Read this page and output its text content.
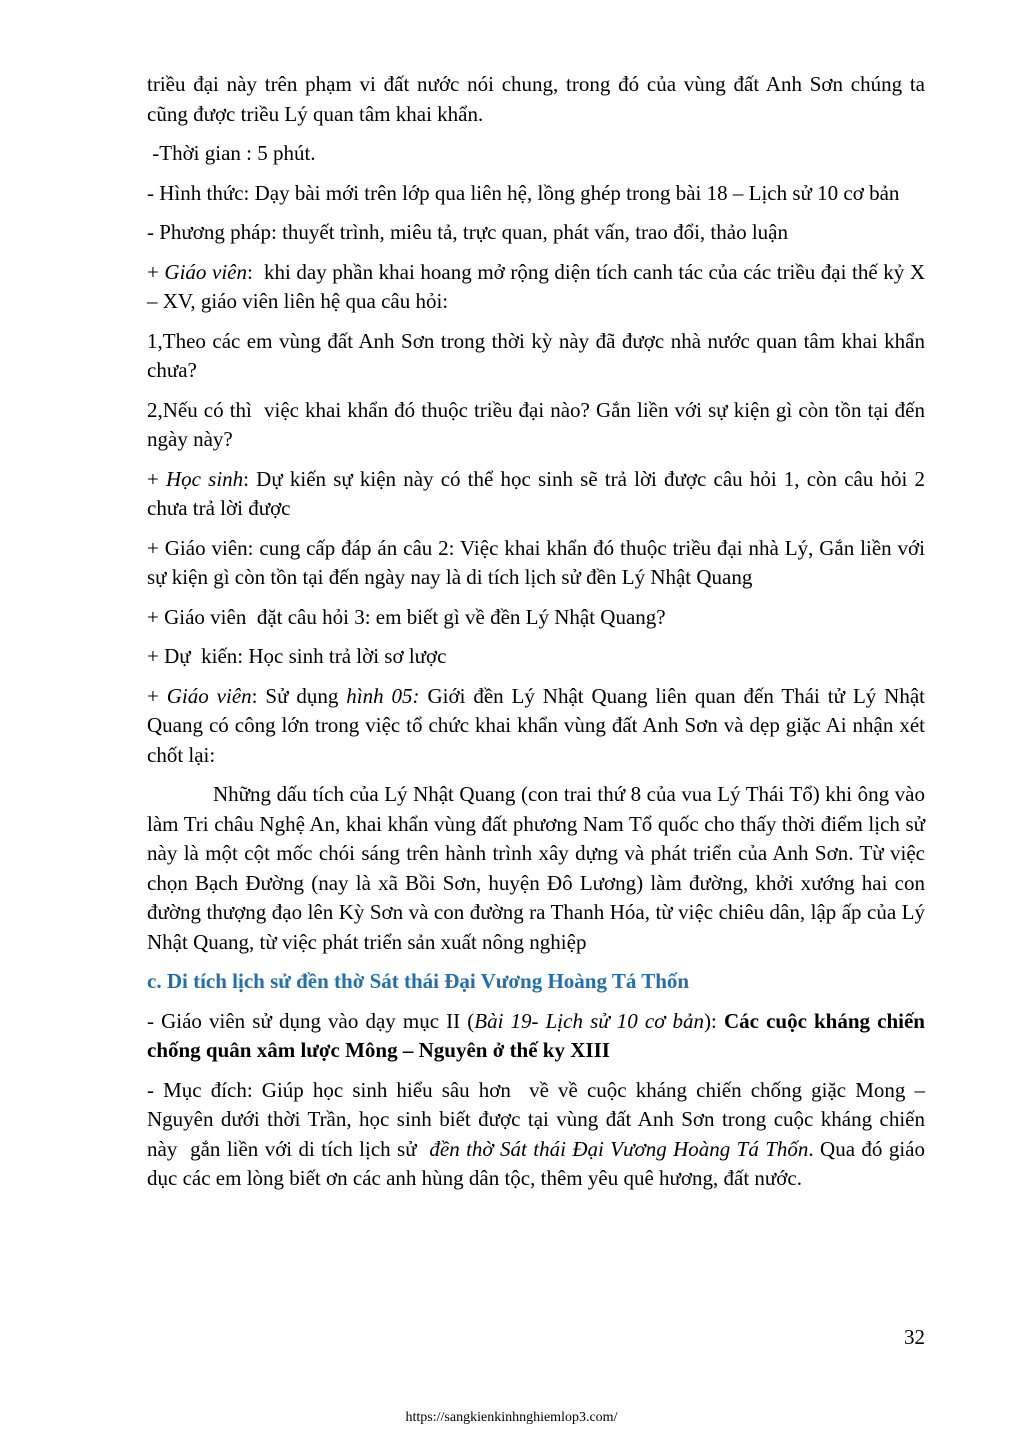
triều đại này trên phạm vi đất nước nói chung, trong đó của vùng đất Anh Sơn chúng ta cũng được triều Lý quan tâm khai khẩn.

-Thời gian : 5 phút.

- Hình thức: Dạy bài mới trên lớp qua liên hệ, lồng ghép trong bài 18 – Lịch sử 10 cơ bản

- Phương pháp: thuyết trình, miêu tả, trực quan, phát vấn, trao đổi, thảo luận

+ Giáo viên:  khi day phần khai hoang mở rộng diện tích canh tác của các triều đại thế kỷ X – XV, giáo viên liên hệ qua câu hỏi:

1,Theo các em vùng đất Anh Sơn trong thời kỳ này đã được nhà nước quan tâm khai khẩn chưa?

2,Nếu có thì  việc khai khẩn đó thuộc triều đại nào? Gắn liền với sự kiện gì còn tồn tại đến ngày này?

+ Học sinh: Dự kiến sự kiện này có thể học sinh sẽ trả lời được câu hỏi 1, còn câu hỏi 2 chưa trả lời được

+ Giáo viên: cung cấp đáp án câu 2: Việc khai khẩn đó thuộc triều đại nhà Lý, Gắn liền với sự kiện gì còn tồn tại đến ngày nay là di tích lịch sử đền Lý Nhật Quang

+ Giáo viên  đặt câu hỏi 3: em biết gì về đền Lý Nhật Quang?

+ Dự  kiến: Học sinh trả lời sơ lược

+ Giáo viên: Sử dụng hình 05: Giới đền Lý Nhật Quang liên quan đến Thái tử Lý Nhật Quang có công lớn trong việc tổ chức khai khẩn vùng đất Anh Sơn và dẹp giặc Ai nhận xét chốt lại:

Những dấu tích của Lý Nhật Quang (con trai thứ 8 của vua Lý Thái Tổ) khi ông vào làm Tri châu Nghệ An, khai khẩn vùng đất phương Nam Tổ quốc cho thấy thời điểm lịch sử này là một cột mốc chói sáng trên hành trình xây dựng và phát triển của Anh Sơn. Từ việc chọn Bạch Đường (nay là xã Bồi Sơn, huyện Đô Lương) làm đường, khởi xướng hai con đường thượng đạo lên Kỳ Sơn và con đường ra Thanh Hóa, từ việc chiêu dân, lập ấp của Lý Nhật Quang, từ việc phát triển sản xuất nông nghiệp

c. Di tích lịch sử đền thờ Sát thái Đại Vương Hoàng Tá Thốn

- Giáo viên sử dụng vào dạy mục II (Bài 19- Lịch sử 10 cơ bản): Các cuộc kháng chiến chống quân xâm lược Mông – Nguyên ở thế ky XIII

- Mục đích: Giúp học sinh hiểu sâu hơn  về về cuộc kháng chiến chống giặc Mong – Nguyên dưới thời Trần, học sinh biết được tại vùng đất Anh Sơn trong cuộc kháng chiến này  gắn liền với di tích lịch sử  đền thờ Sát thái Đại Vương Hoàng Tá Thốn. Qua đó giáo dục các em lòng biết ơn các anh hùng dân tộc, thêm yêu quê hương, đất nước.

32
https://sangkienkinhnghiemlop3.com/
